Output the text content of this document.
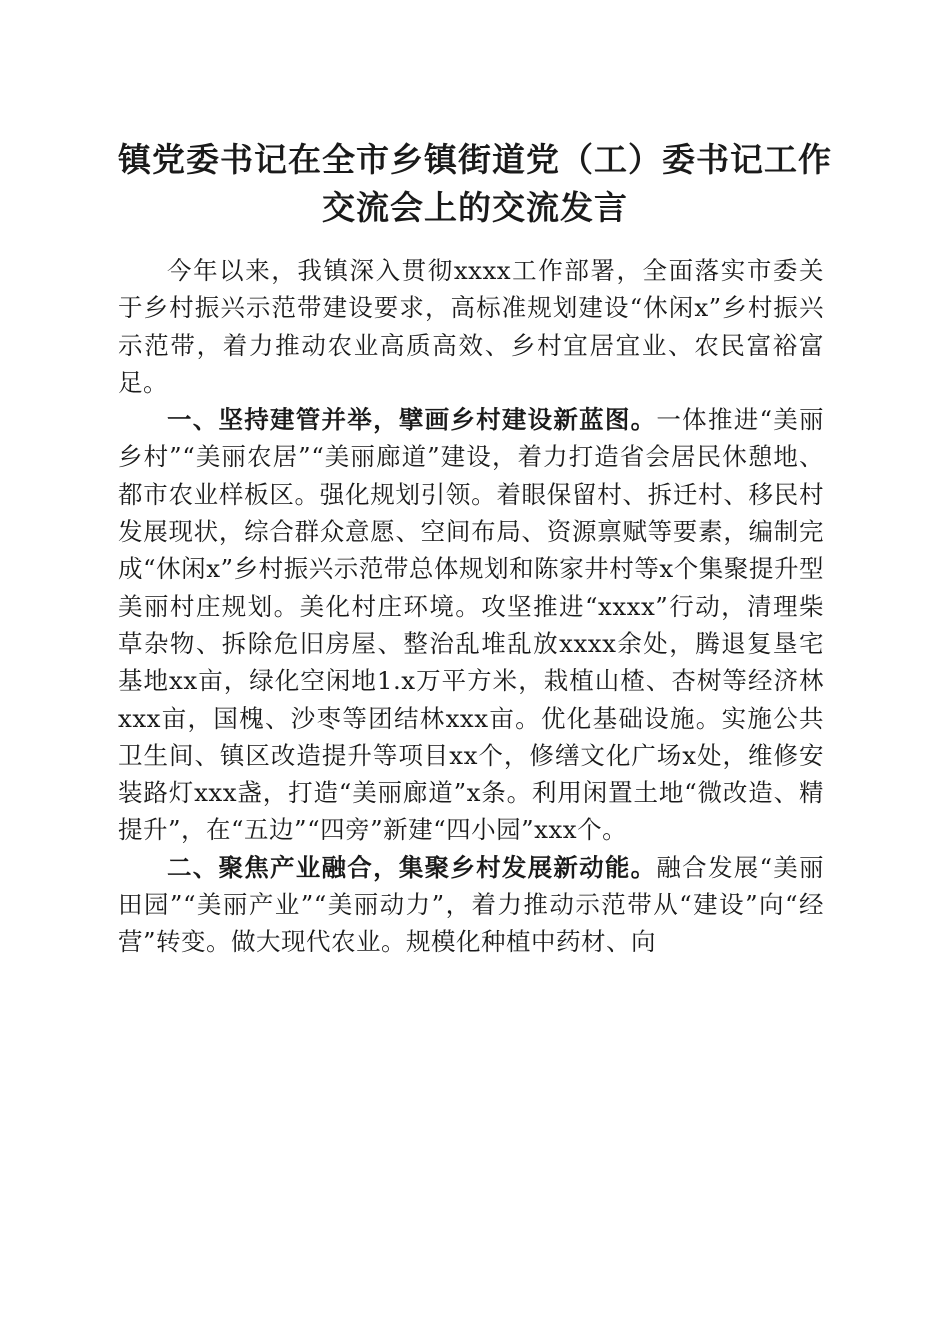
镇党委书记在全市乡镇街道党（工）委书记工作交流会上的交流发言

今年以来，我镇深入贯彻xxxx工作部署，全面落实市委关于乡村振兴示范带建设要求，高标准规划建设“休闲x”乡村振兴示范带，着力推动农业高质高效、乡村宜居宜业、农民富裕富足。

一、坚持建管并举，擘画乡村建设新蓝图。一体推进“美丽乡村”“美丽农居”“美丽廊道”建设，着力打造省会居民休憩地、都市农业样板区。强化规划引领。着眼保留村、拆迁村、移民村发展现状，综合群众意愿、空间布局、资源禀赋等要素，编制完成“休闲x”乡村振兴示范带总体规划和陈家井村等x个集聚提升型美丽村庄规划。美化村庄环境。攻坚推进“xxxx”行动，清理柴草杂物、拆除危旧房屋、整治乱堆乱放xxxx余处，腾退复垦宅基地xx亩，绿化空闲地1.x万平方米，栽植山楂、杏树等经济林xxx亩，国槐、沙枣等团结林xxx亩。优化基础设施。实施公共卫生间、镇区改造提升等项目xx个，修缮文化广场x处，维修安装路灯xxx盏，打造“美丽廊道”x条。利用闲置土地“微改造、精提升”，在“五边”“四旁”新建“四小园”xxx个。

二、聚焦产业融合，集聚乡村发展新动能。融合发展“美丽田园”“美丽产业”“美丽动力”，着力推动示范带从“建设”向“经营”转变。做大现代农业。规模化种植中药材、向
